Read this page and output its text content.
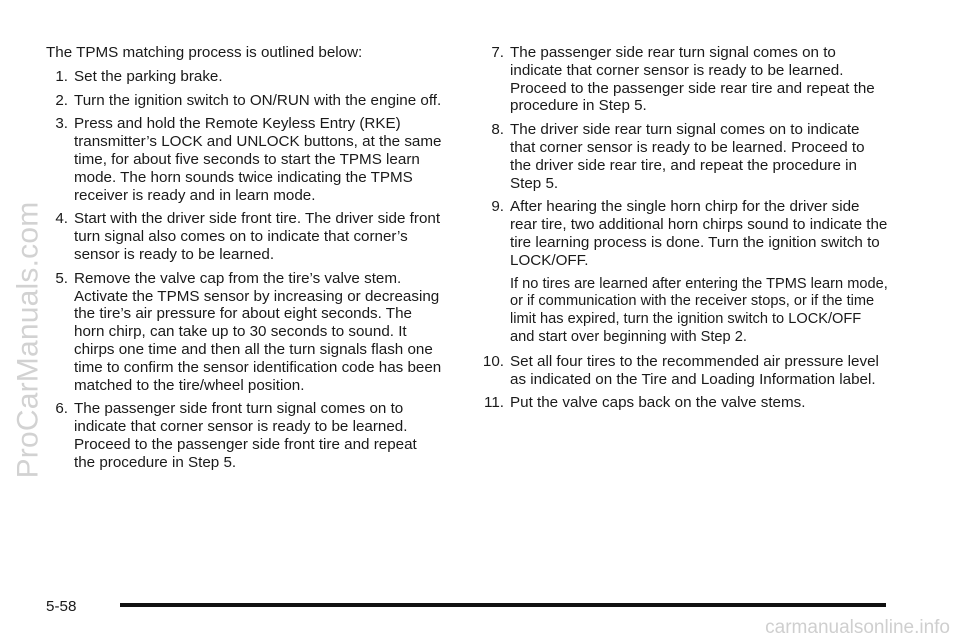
ProCarManuals.com

The TPMS matching process is outlined below:

1. Set the parking brake.
2. Turn the ignition switch to ON/RUN with the engine off.
3. Press and hold the Remote Keyless Entry (RKE) transmitter’s LOCK and UNLOCK buttons, at the same time, for about five seconds to start the TPMS learn mode. The horn sounds twice indicating the TPMS receiver is ready and in learn mode.
4. Start with the driver side front tire. The driver side front turn signal also comes on to indicate that corner’s sensor is ready to be learned.
5. Remove the valve cap from the tire’s valve stem. Activate the TPMS sensor by increasing or decreasing the tire’s air pressure for about eight seconds. The horn chirp, can take up to 30 seconds to sound. It chirps one time and then all the turn signals flash one time to confirm the sensor identification code has been matched to the tire/wheel position.
6. The passenger side front turn signal comes on to indicate that corner sensor is ready to be learned. Proceed to the passenger side front tire and repeat the procedure in Step 5.
7. The passenger side rear turn signal comes on to indicate that corner sensor is ready to be learned. Proceed to the passenger side rear tire and repeat the procedure in Step 5.
8. The driver side rear turn signal comes on to indicate that corner sensor is ready to be learned. Proceed to the driver side rear tire, and repeat the procedure in Step 5.
9. After hearing the single horn chirp for the driver side rear tire, two additional horn chirps sound to indicate the tire learning process is done. Turn the ignition switch to LOCK/OFF.

If no tires are learned after entering the TPMS learn mode, or if communication with the receiver stops, or if the time limit has expired, turn the ignition switch to LOCK/OFF and start over beginning with Step 2.

10. Set all four tires to the recommended air pressure level as indicated on the Tire and Loading Information label.
11. Put the valve caps back on the valve stems.
5-58
carmanualsonline.info
